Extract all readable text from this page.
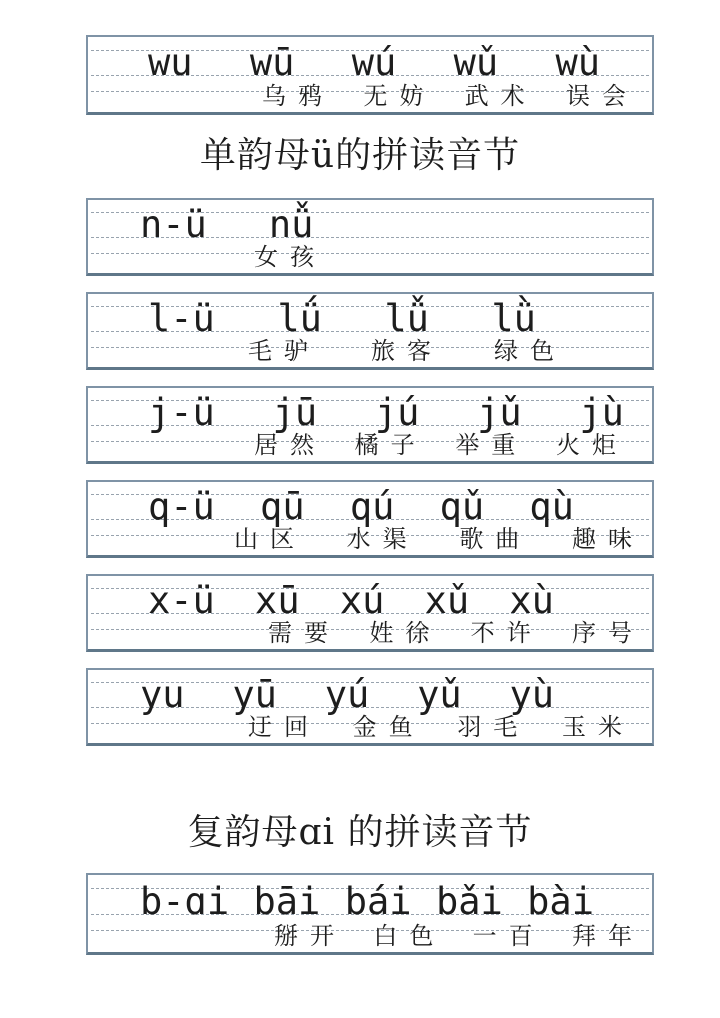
wu wū wú wǔ wù
乌鸦 无妨 武术 误会
单韵母ü的拼读音节
n-ü nǚ
女孩
l-ü lǘ lǚ lǜ
毛驴 旅客 绿色
j-ü jū jú jǔ jù
居然 橘子 举重 火炬
q-ü qū qú qǔ qù
山区 水渠 歌曲 趣味
x-ü xū xú xǔ xù
需要 姓徐 不许 序号
yu yū yú yǔ yù
迂回 金鱼 羽毛 玉米
复韵母ɑi 的拼读音节
b-ɑi bāi bái bǎi bài
掰开 白色 一百 拜年
